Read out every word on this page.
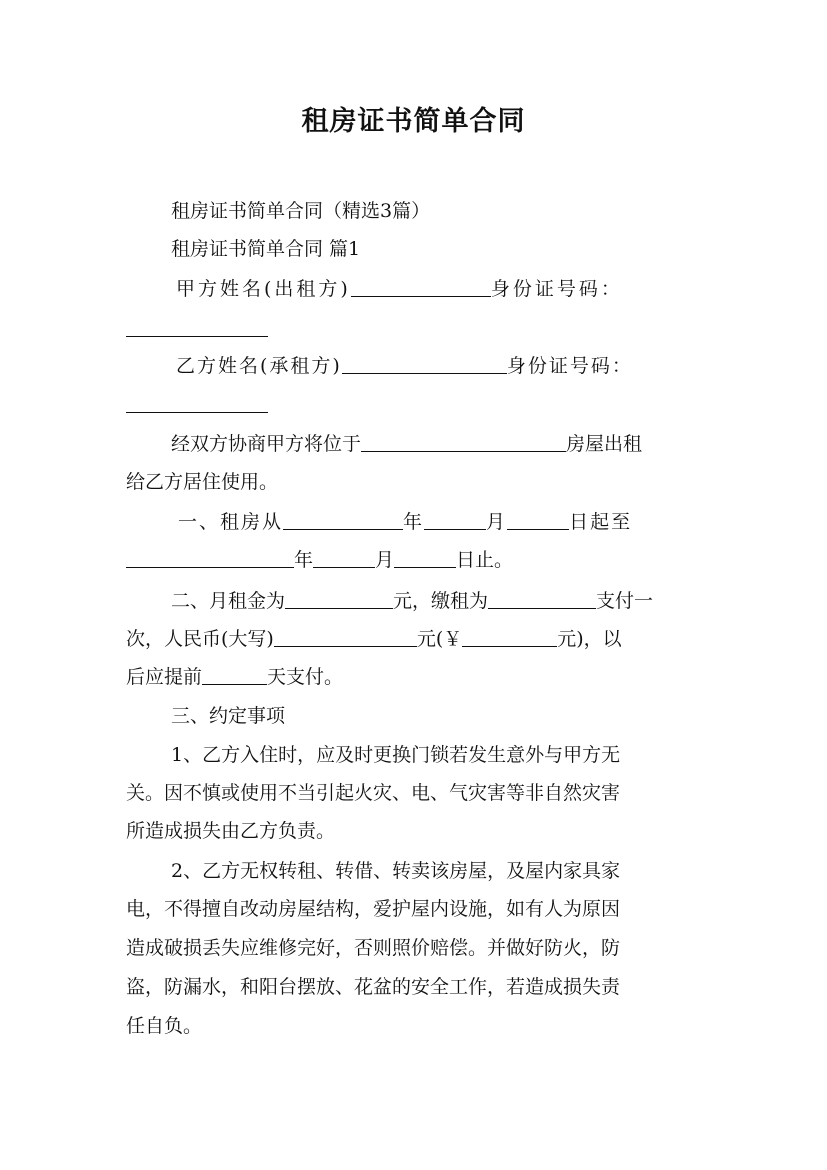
租房证书简单合同
租房证书简单合同（精选3篇）
租房证书简单合同 篇1
甲方姓名(出租方)	身份证号码：
乙方姓名(承租方)	身份证号码：
经双方协商甲方将位于	房屋出租
给乙方居住使用。
一、租房从	年	月	日起至
年	月	日止。
二、月租金为	元，缴租为	支付一
次，人民币(大写)	元(￥	元)，以
后应提前	天支付。
三、约定事项
1、乙方入住时，应及时更换门锁若发生意外与甲方无
关。因不慎或使用不当引起火灾、电、气灾害等非自然灾害
所造成损失由乙方负责。
2、乙方无权转租、转借、转卖该房屋，及屋内家具家
电，不得擅自改动房屋结构，爱护屋内设施，如有人为原因
造成破损丢失应维修完好，否则照价赔偿。并做好防火，防
盗，防漏水，和阳台摆放、花盆的安全工作，若造成损失责
任自负。
